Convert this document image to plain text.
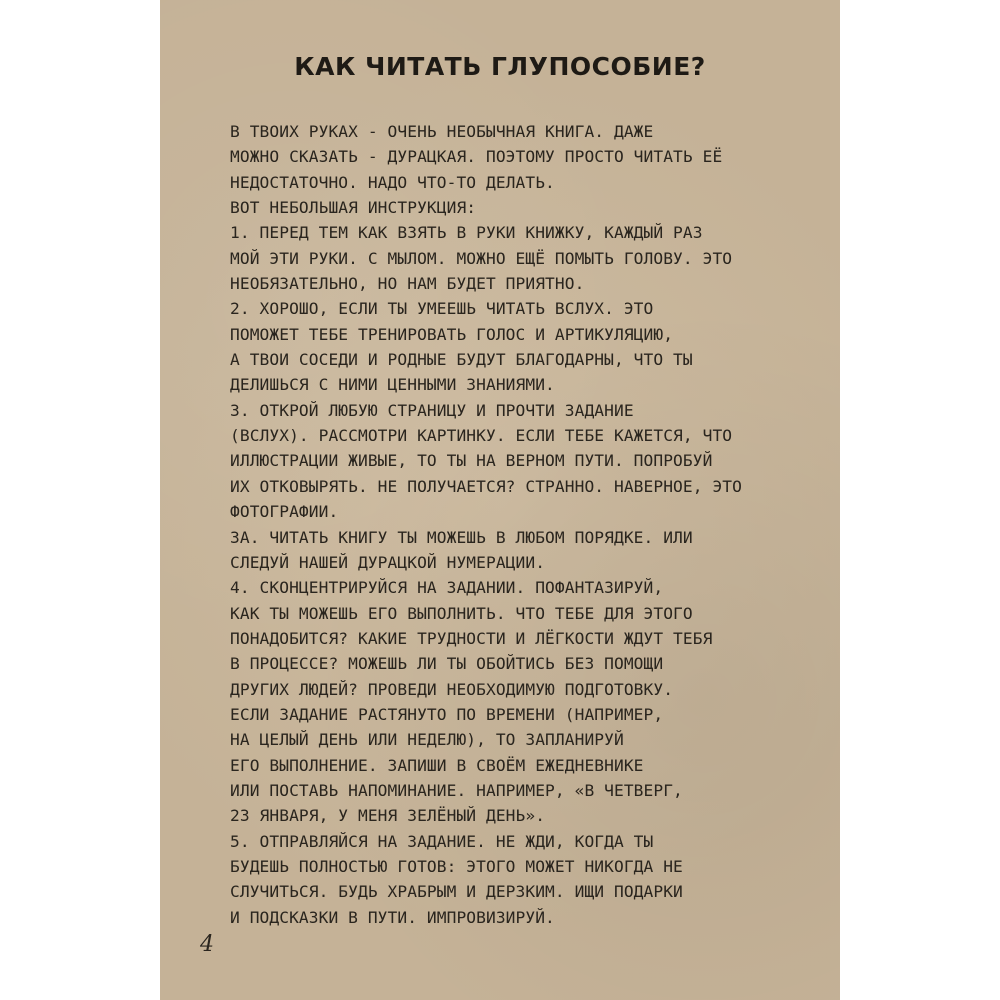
КАК ЧИТАТЬ ГЛУПОСОБИЕ?
В ТВОИХ РУКАХ - ОЧЕНЬ НЕОБЫЧНАЯ КНИГА. ДАЖЕ
МОЖНО СКАЗАТЬ - ДУРАЦКАЯ. ПОЭТОМУ ПРОСТО ЧИТАТЬ ЕЁ
НЕДОСТАТОЧНО. НАДО ЧТО-ТО ДЕЛАТЬ.
ВОТ НЕБОЛЬШАЯ ИНСТРУКЦИЯ:
1. ПЕРЕД ТЕМ КАК ВЗЯТЬ В РУКИ КНИЖКУ, КАЖДЫЙ РАЗ
МОЙ ЭТИ РУКИ. С МЫЛОМ. МОЖНО ЕЩЁ ПОМЫТЬ ГОЛОВУ. ЭТО
НЕОБЯЗАТЕЛЬНО, НО НАМ БУДЕТ ПРИЯТНО.
2. ХОРОШО, ЕСЛИ ТЫ УМЕЕШЬ ЧИТАТЬ ВСЛУХ. ЭТО
ПОМОЖЕТ ТЕБЕ ТРЕНИРОВАТЬ ГОЛОС И АРТИКУЛЯЦИЮ,
А ТВОИ СОСЕДИ И РОДНЫЕ БУДУТ БЛАГОДАРНЫ, ЧТО ТЫ
ДЕЛИШЬСЯ С НИМИ ЦЕННЫМИ ЗНАНИЯМИ.
3. ОТКРОЙ ЛЮБУЮ СТРАНИЦУ И ПРОЧТИ ЗАДАНИЕ
(ВСЛУХ). РАССМОТРИ КАРТИНКУ. ЕСЛИ ТЕБЕ КАЖЕТСЯ, ЧТО
ИЛЛЮСТРАЦИИ ЖИВЫЕ, ТО ТЫ НА ВЕРНОМ ПУТИ. ПОПРОБУЙ
ИХ ОТКОВЫРЯТЬ. НЕ ПОЛУЧАЕТСЯ? СТРАННО. НАВЕРНОЕ, ЭТО
ФОТОГРАФИИ.
3А. ЧИТАТЬ КНИГУ ТЫ МОЖЕШЬ В ЛЮБОМ ПОРЯДКЕ. ИЛИ
СЛЕДУЙ НАШЕЙ ДУРАЦКОЙ НУМЕРАЦИИ.
4. СКОНЦЕНТРИРУЙСЯ НА ЗАДАНИИ. ПОФАНТАЗИРУЙ,
КАК ТЫ МОЖЕШЬ ЕГО ВЫПОЛНИТЬ. ЧТО ТЕБЕ ДЛЯ ЭТОГО
ПОНАДОБИТСЯ? КАКИЕ ТРУДНОСТИ И ЛЁГКОСТИ ЖДУТ ТЕБЯ
В ПРОЦЕССЕ? МОЖЕШЬ ЛИ ТЫ ОБОЙТИСЬ БЕЗ ПОМОЩИ
ДРУГИХ ЛЮДЕЙ? ПРОВЕДИ НЕОБХОДИМУЮ ПОДГОТОВКУ.
ЕСЛИ ЗАДАНИЕ РАСТЯНУТО ПО ВРЕМЕНИ (НАПРИМЕР,
НА ЦЕЛЫЙ ДЕНЬ ИЛИ НЕДЕЛЮ), ТО ЗАПЛАНИРУЙ
ЕГО ВЫПОЛНЕНИЕ. ЗАПИШИ В СВОЁМ ЕЖЕДНЕВНИКЕ
ИЛИ ПОСТАВЬ НАПОМИНАНИЕ. НАПРИМЕР, «В ЧЕТВЕРГ,
23 ЯНВАРЯ, У МЕНЯ ЗЕЛЁНЫЙ ДЕНЬ».
5. ОТПРАВЛЯЙСЯ НА ЗАДАНИЕ. НЕ ЖДИ, КОГДА ТЫ
БУДЕШЬ ПОЛНОСТЬЮ ГОТОВ: ЭТОГО МОЖЕТ НИКОГДА НЕ
СЛУЧИТЬСЯ. БУДЬ ХРАБРЫМ И ДЕРЗКИМ. ИЩИ ПОДАРКИ
И ПОДСКАЗКИ В ПУТИ. ИМПРОВИЗИРУЙ.
4
